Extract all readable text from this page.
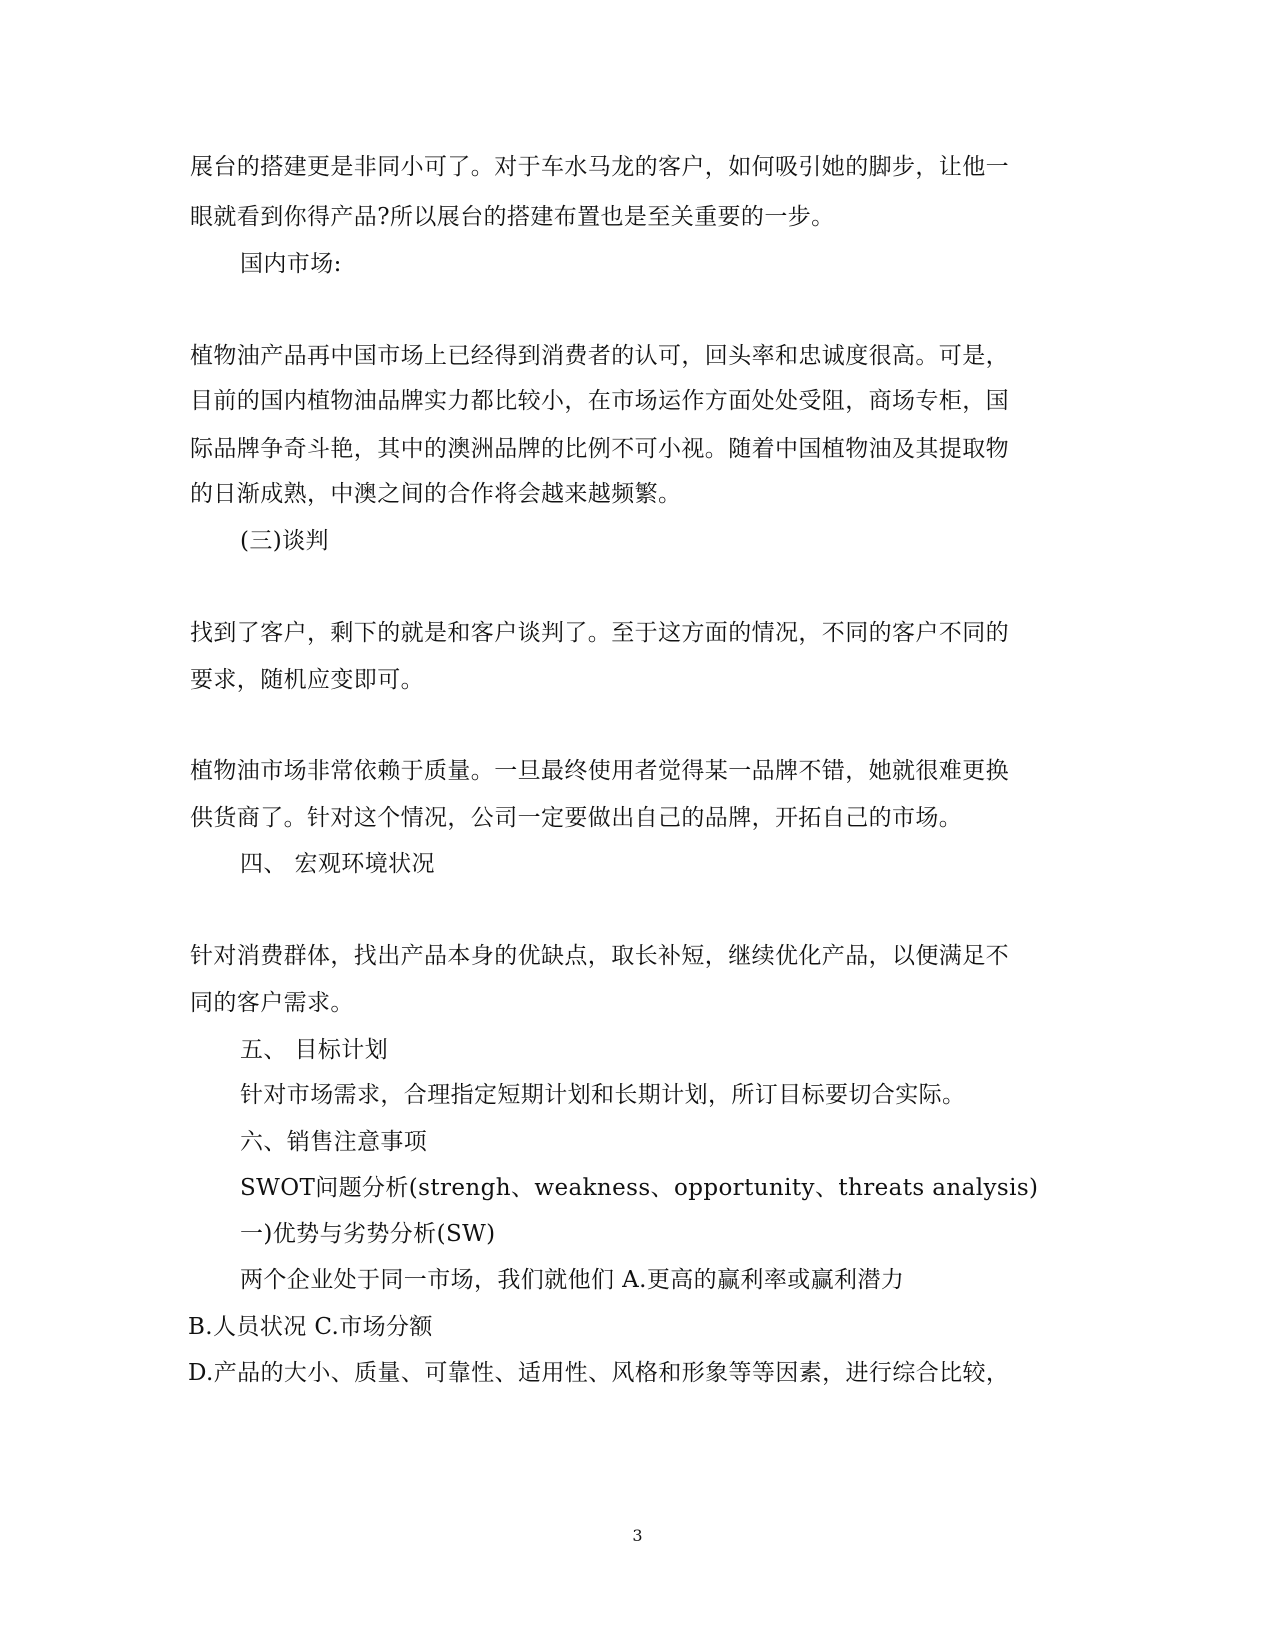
展台的搭建更是非同小可了。对于车水马龙的客户，如何吸引她的脚步，让他一
眼就看到你得产品?所以展台的搭建布置也是至关重要的一步。
国内市场:
植物油产品再中国市场上已经得到消费者的认可，回头率和忠诚度很高。可是，
目前的国内植物油品牌实力都比较小，在市场运作方面处处受阻，商场专柜，国
际品牌争奇斗艳，其中的澳洲品牌的比例不可小视。随着中国植物油及其提取物
的日渐成熟，中澳之间的合作将会越来越频繁。
(三)谈判
找到了客户，剩下的就是和客户谈判了。至于这方面的情况，不同的客户不同的
要求，随机应变即可。
植物油市场非常依赖于质量。一旦最终使用者觉得某一品牌不错，她就很难更换
供货商了。针对这个情况，公司一定要做出自己的品牌，开拓自己的市场。
四、 宏观环境状况
针对消费群体，找出产品本身的优缺点，取长补短，继续优化产品，以便满足不
同的客户需求。
五、 目标计划
针对市场需求，合理指定短期计划和长期计划，所订目标要切合实际。
六、销售注意事项
SWOT问题分析(strengh、weakness、opportunity、threats analysis)
一)优势与劣势分析(SW)
两个企业处于同一市场，我们就他们 A.更高的赢利率或赢利潜力
B.人员状况 C.市场分额
D.产品的大小、质量、可靠性、适用性、风格和形象等等因素，进行综合比较，
3
